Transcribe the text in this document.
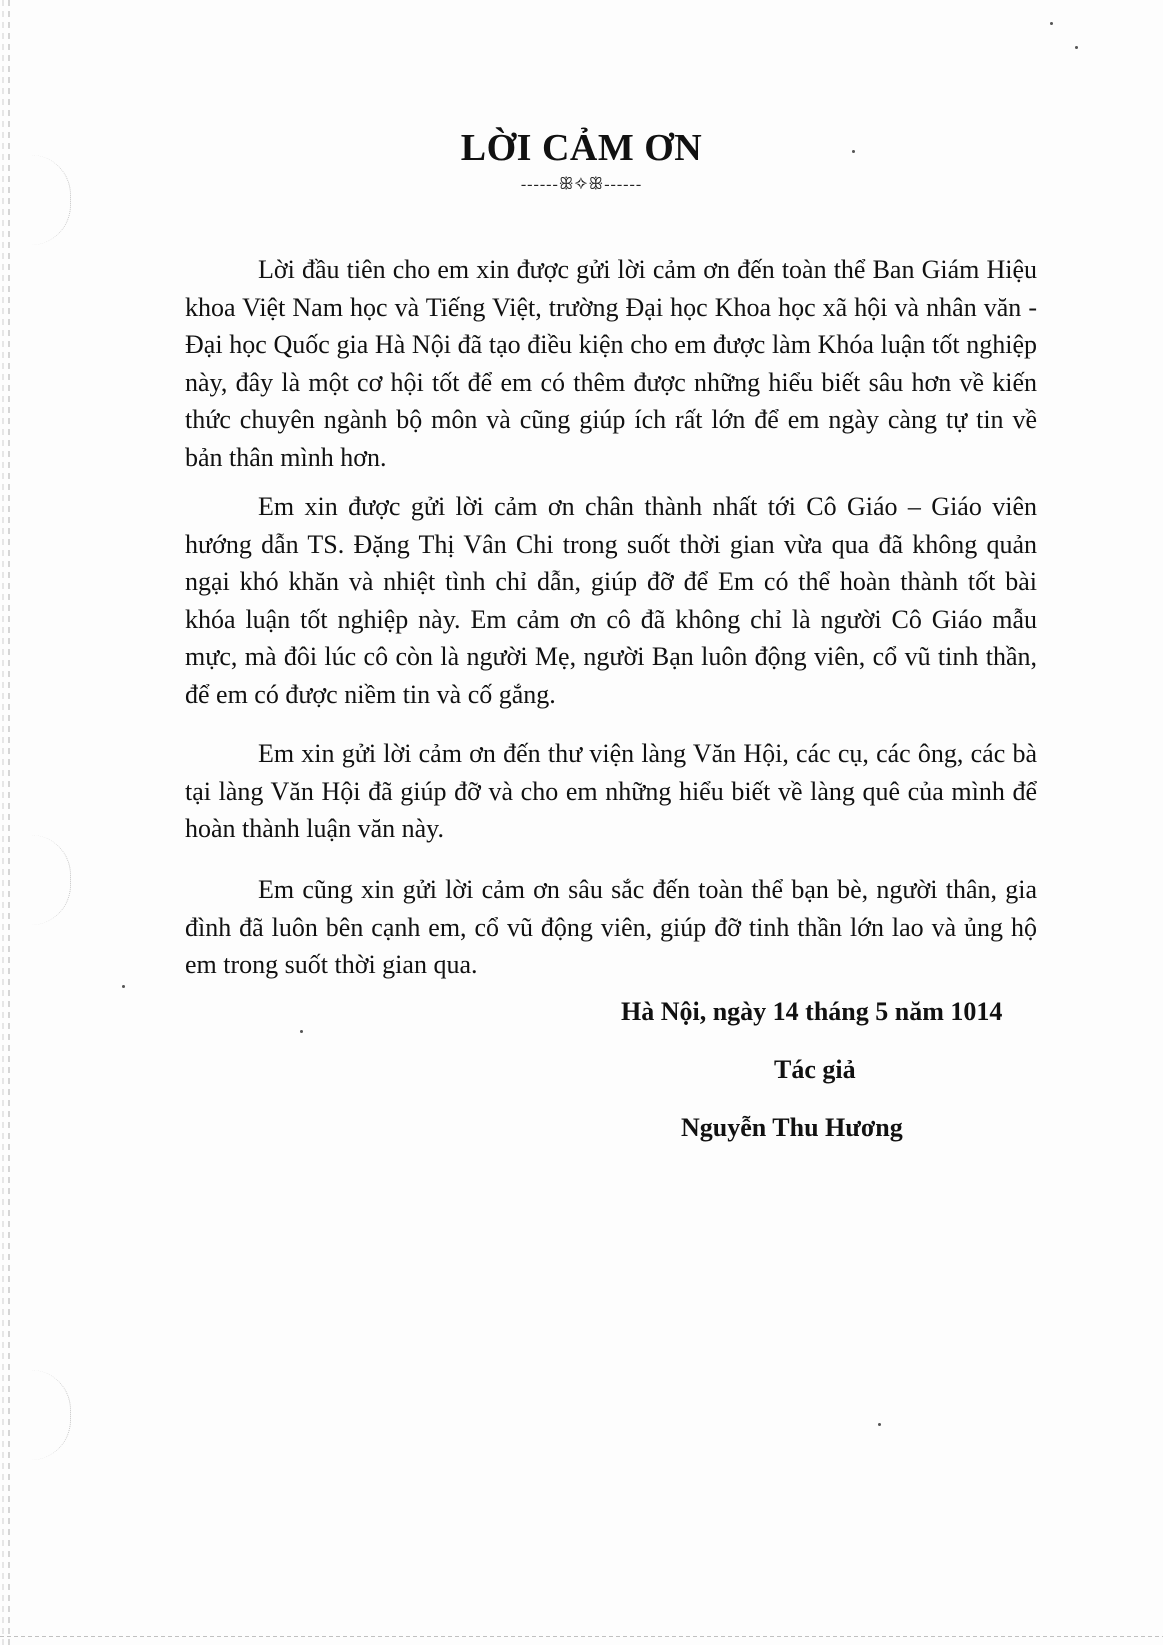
LỜI CẢM ƠN
------ꕥ✧ꕥ------

Lời đầu tiên cho em xin được gửi lời cảm ơn đến toàn thể Ban Giám Hiệu khoa Việt Nam học và Tiếng Việt, trường Đại học Khoa học xã hội và nhân văn - Đại học Quốc gia Hà Nội đã tạo điều kiện cho em được làm Khóa luận tốt nghiệp này, đây là một cơ hội tốt để em có thêm được những hiểu biết sâu hơn về kiến thức chuyên ngành bộ môn và cũng giúp ích rất lớn để em ngày càng tự tin về bản thân mình hơn.

Em xin được gửi lời cảm ơn chân thành nhất tới Cô Giáo – Giáo viên hướng dẫn TS. Đặng Thị Vân Chi trong suốt thời gian vừa qua đã không quản ngại khó khăn và nhiệt tình chỉ dẫn, giúp đỡ để Em có thể hoàn thành tốt bài khóa luận tốt nghiệp này. Em cảm ơn cô đã không chỉ là người Cô Giáo mẫu mực, mà đôi lúc cô còn là người Mẹ, người Bạn luôn động viên, cổ vũ tinh thần, để em có được niềm tin và cố gắng.

Em xin gửi lời cảm ơn đến thư viện làng Văn Hội, các cụ, các ông, các bà tại làng Văn Hội đã giúp đỡ và cho em những hiểu biết về làng quê của mình để hoàn thành luận văn này.

Em cũng xin gửi lời cảm ơn sâu sắc đến toàn thể bạn bè, người thân, gia đình đã luôn bên cạnh em, cổ vũ động viên, giúp đỡ tinh thần lớn lao và ủng hộ em trong suốt thời gian qua.

Hà Nội, ngày 14 tháng 5 năm 1014
Tác giả
Nguyễn Thu Hương
